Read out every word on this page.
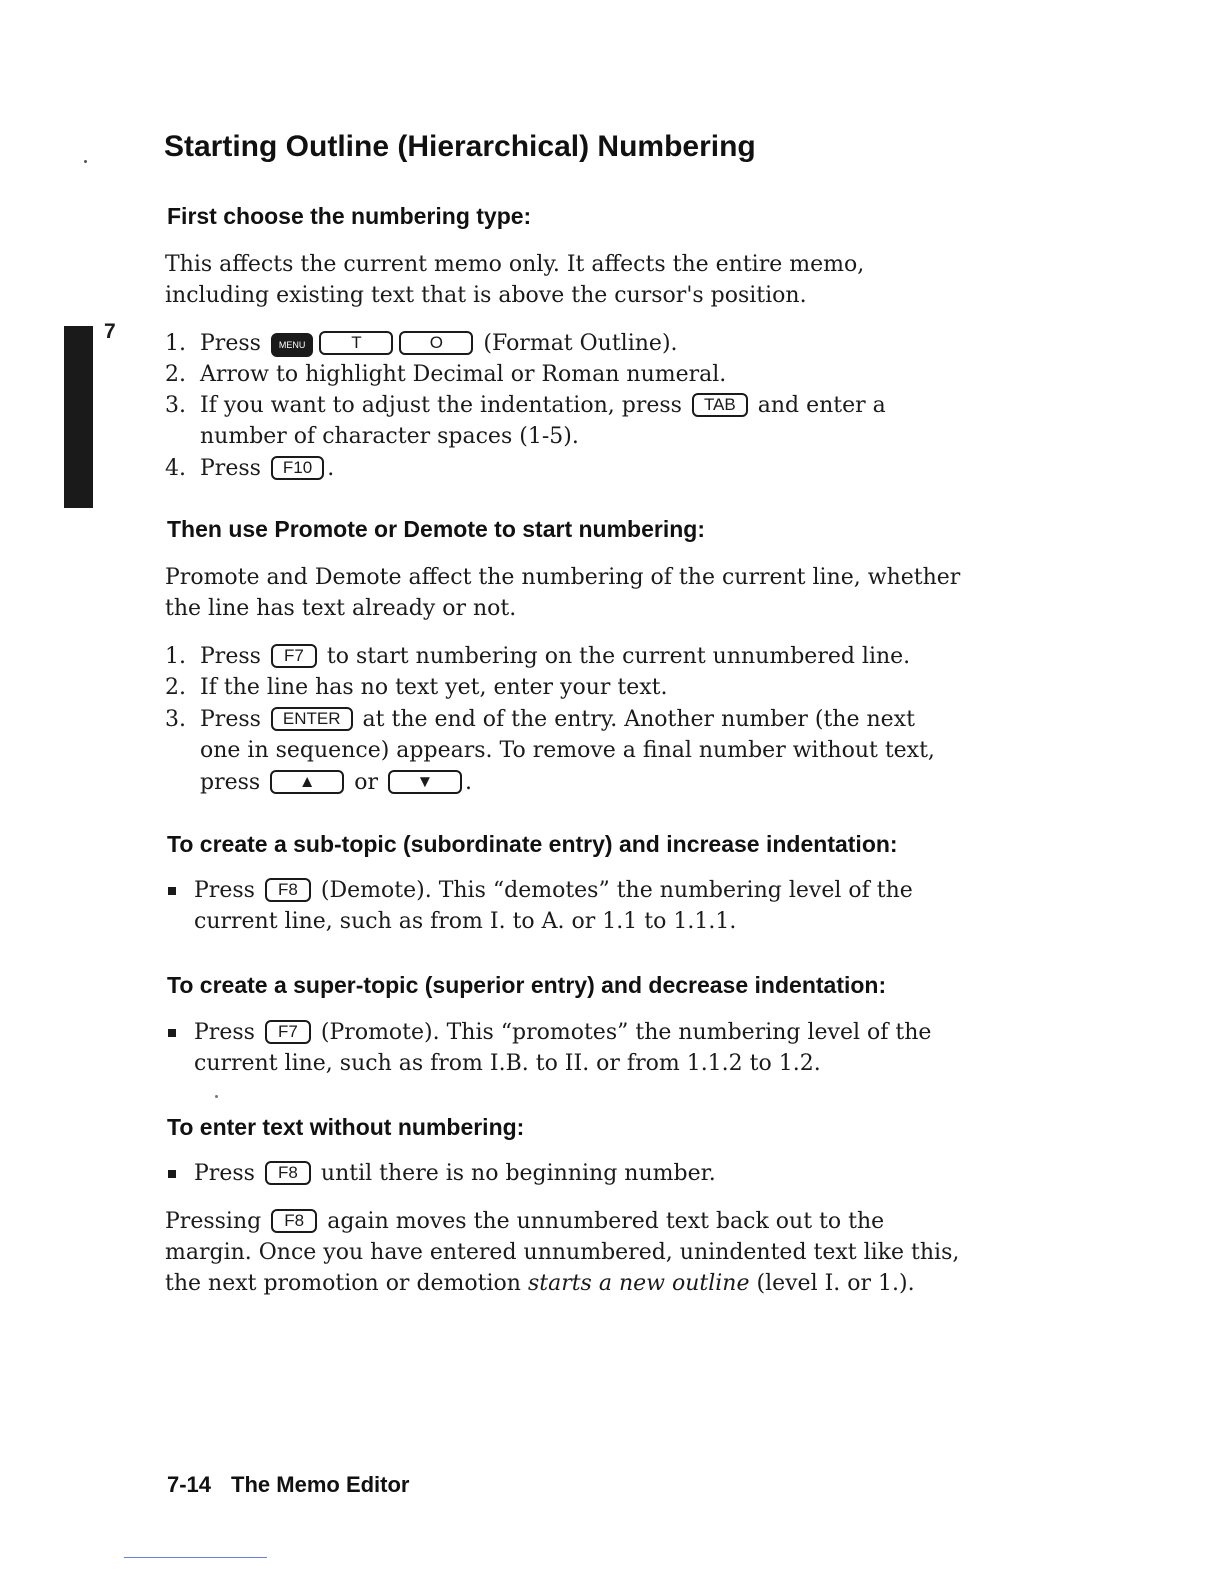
7
Starting Outline (Hierarchical) Numbering
First choose the numbering type:
This affects the current memo only. It affects the entire memo,
including existing text that is above the cursor's position.
1. Press MENU	T	O (Format Outline).
2. Arrow to highlight Decimal or Roman numeral.
3. If you want to adjust the indentation, press TAB and enter a
number of character spaces (1-5).
4. Press F10 .
Then use Promote or Demote to start numbering:
Promote and Demote affect the numbering of the current line, whether
the line has text already or not.
1. Press F7 to start numbering on the current unnumbered line.
2. If the line has no text yet, enter your text.
3. Press ENTER at the end of the entry. Another number (the next
one in sequence) appears. To remove a final number without text,
press ▲ or ▼ .
To create a sub-topic (subordinate entry) and increase indentation:
Press F8 (Demote). This “demotes” the numbering level of the
current line, such as from I. to A. or 1.1 to 1.1.1.
To create a super-topic (superior entry) and decrease indentation:
Press F7 (Promote). This “promotes” the numbering level of the
current line, such as from I.B. to II. or from 1.1.2 to 1.2.
To enter text without numbering:
Press F8 until there is no beginning number.
Pressing F8 again moves the unnumbered text back out to the
margin. Once you have entered unnumbered, unindented text like this,
the next promotion or demotion starts a new outline (level I. or 1.).
7-14 The Memo Editor
